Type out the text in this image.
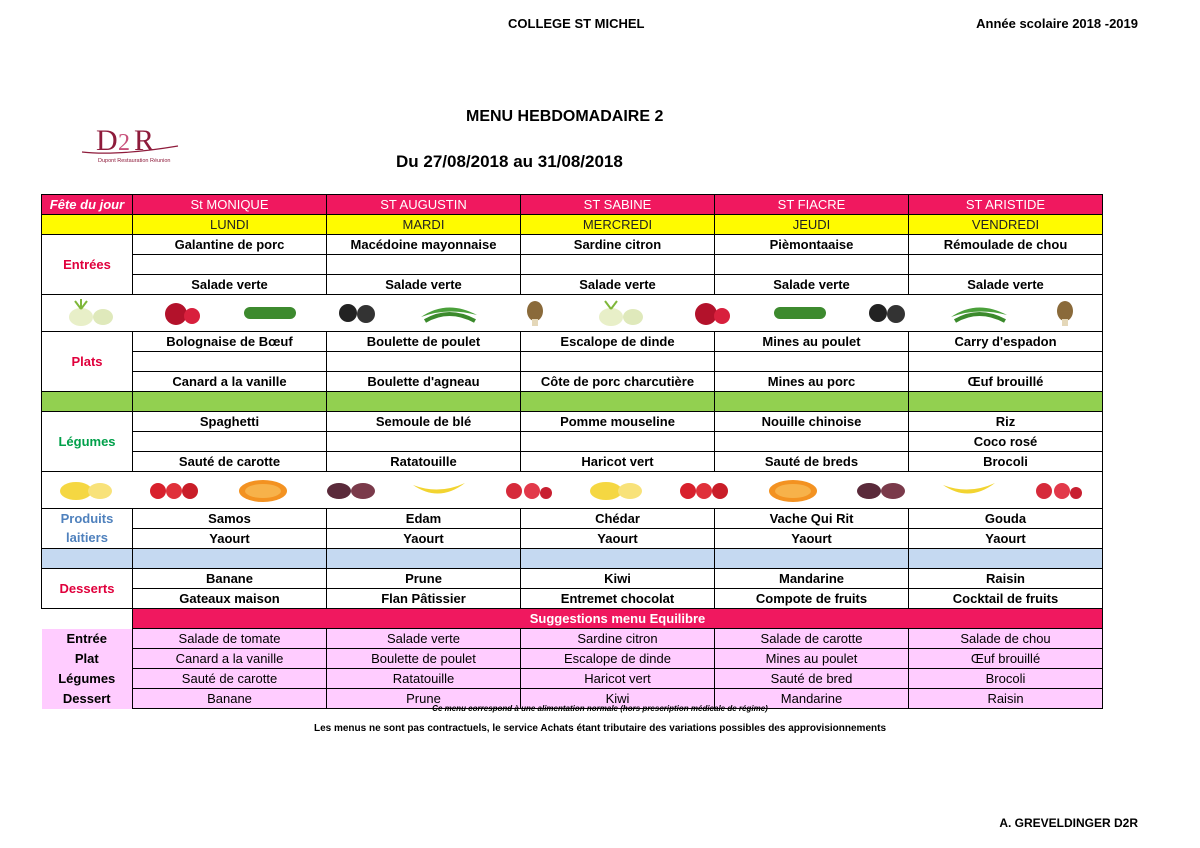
COLLEGE ST MICHEL	Année scolaire 2018 -2019
D 2 R
Dupont Restauration Réunion
MENU HEBDOMADAIRE 2
Du 27/08/2018 au 31/08/2018
Fête du jour	St MONIQUE	ST AUGUSTIN	ST SABINE	ST FIACRE	ST ARISTIDE
	LUNDI	MARDI	MERCREDI	JEUDI	VENDREDI
Entrées	Galantine de porc	Macédoine mayonnaise	Sardine citron	Pièmontaaise	Rémoulade de chou

	Salade verte	Salade verte	Salade verte	Salade verte	Salade verte

Plats	Bolognaise de Bœuf	Boulette de poulet	Escalope de dinde	Mines au poulet	Carry d'espadon

	Canard a la vanille	Boulette d'agneau	Côte de porc charcutière	Mines au porc	Œuf brouillé

Légumes	Spaghetti	Semoule de blé	Pomme mouseline	Nouille chinoise	Riz
					Coco rosé
	Sauté de carotte	Ratatouille	Haricot vert	Sauté de breds	Brocoli

Produits	Samos	Edam	Chédar	Vache Qui Rit	Gouda
laitiers	Yaourt	Yaourt	Yaourt	Yaourt	Yaourt

Desserts	Banane	Prune	Kiwi	Mandarine	Raisin
	Gateaux maison	Flan Pâtissier	Entremet chocolat	Compote de fruits	Cocktail de fruits
	Suggestions menu Equilibre				
Entrée	Salade de tomate	Salade verte	Sardine citron	Salade de carotte	Salade de chou
Plat	Canard a la vanille	Boulette de poulet	Escalope de dinde	Mines au poulet	Œuf brouillé
Légumes	Sauté de carotte	Ratatouille	Haricot vert	Sauté de bred	Brocoli
Dessert	Banane	Prune	Kiwi	Mandarine	Raisin
Ce menu correspond à une alimentation normale (hors prescription médicale de régime)
Les menus ne sont pas contractuels, le service Achats étant tributaire des variations possibles des approvisionnements
A. GREVELDINGER D2R
